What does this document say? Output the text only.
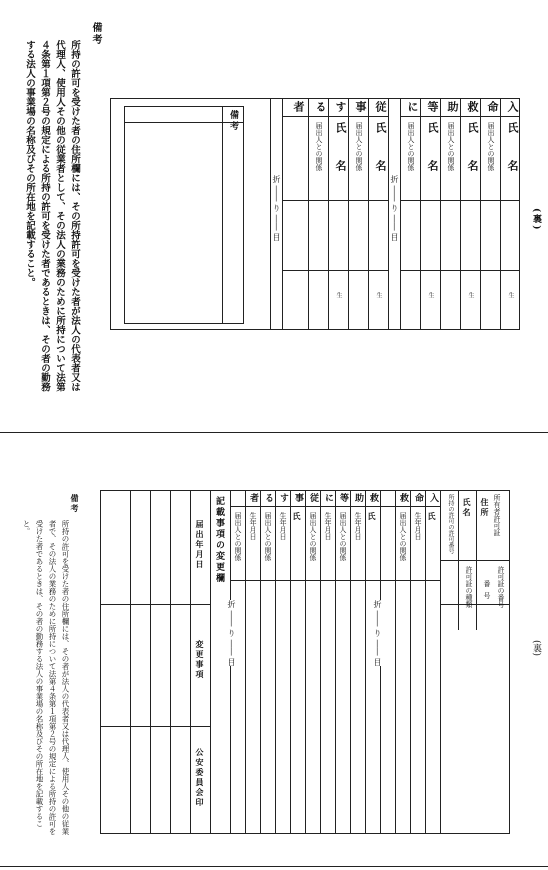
(裏)
入
命
救
助
等
に
氏
名
届出人との関係
氏
名
届出人との関係
氏
名
届出人との関係
生
生
生
折 ―― り ―― 目
従
事
す
る
者
氏
名
届出人との関係
氏
名
届出人との関係
生
生
折 ―― り ―― 目
備考
備考
所持の許可を受けた者の住所欄には、その所持許可を受けた者が法人の代表者又は代理人、使用人その他の従業者として、その法人の業務のために所持について法第４条第１項第２号の規定による所持の許可を受けた者であるときは、その者の勤務する法人の事業場の名称及びその所在地を記載すること。
(裏)
所有者許可証
住所
氏名
許可証の番号
番
号
許可証の種類
所持の許可の許可番号
入
氏
命
生年月日
救
届出人との関係
救
氏
助
生年月日
等
届出人との関係
に
生年月日
従
届出人との関係
事
氏
す
生年月日
る
届出人との関係
者
生年月日
届出人との関係
折 ―― り ―― 目
折 ―― り ―― 目
記載事項の変更欄
届出年月日
変更事項
公安委員会印
備考
所持の許可を受けた者の住所欄には、その者が法人の代表者又は代理人、使用人その他の従業者で、その法人の業務のために所持について法第４条第１項第２号の規定による所持の許可を受けた者であるときは、その者の勤務する法人の事業場の名称及びその所在地を記載すること。
